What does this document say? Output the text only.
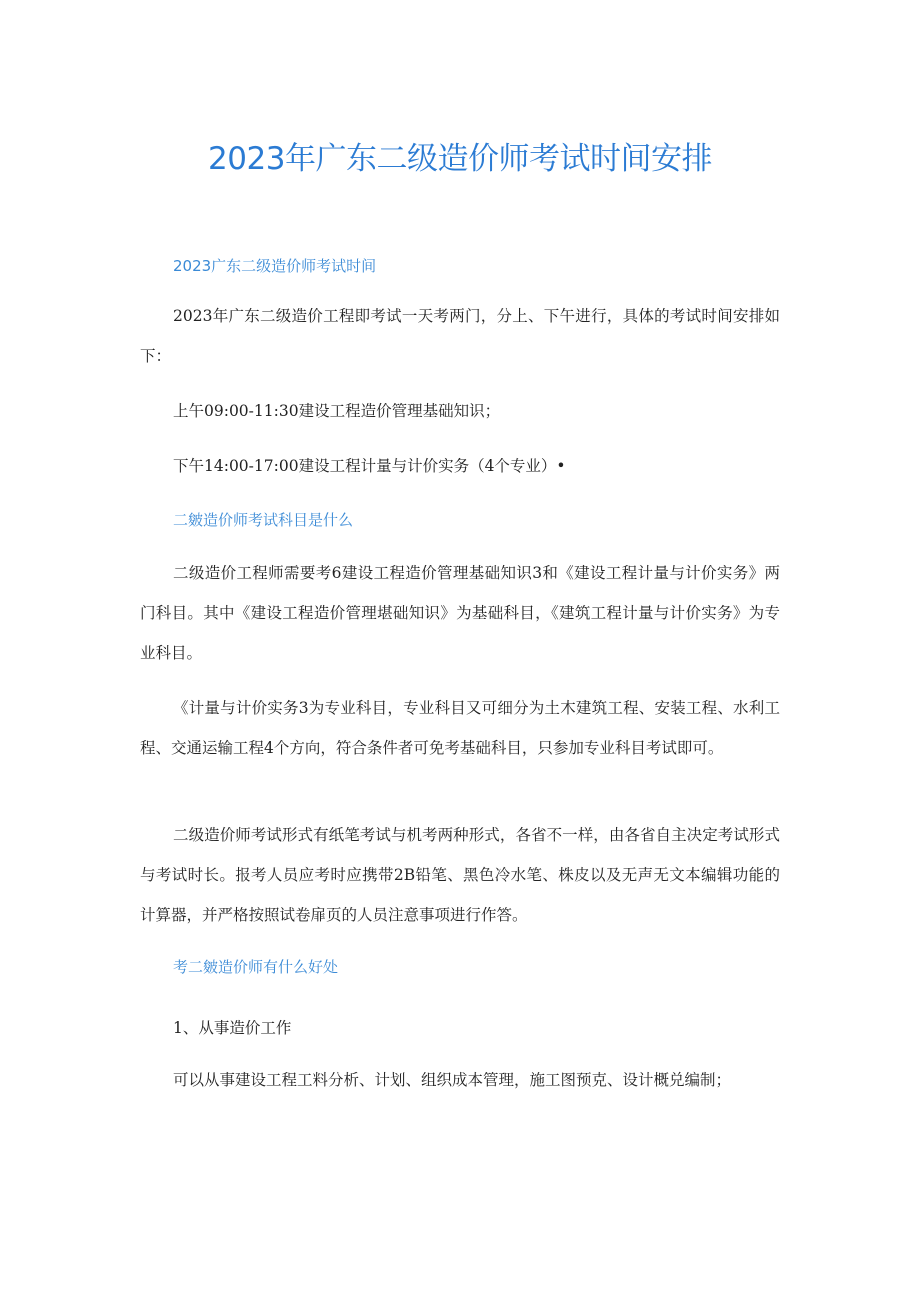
2023年广东二级造价师考试时间安排
2023广东二级造价师考试时间

2023年广东二级造价工程即考试一天考两门，分上、下午进行，具体的考试时间安排如下：

上午09:00-11:30建设工程造价管理基础知识；
下午14:00-17:00建设工程计量与计价实务（4个专业）•
二皴造价师考试科目是什么

二级造价工程师需要考6建设工程造价管理基础知识3和《建设工程计量与计价实务》两门科目。其中《建设工程造价管理堪础知识》为基础科目，《建筑工程计量与计价实务》为专业科目。

《计量与计价实务3为专业科目，专业科目又可细分为土木建筑工程、安装工程、水利工程、交通运输工程4个方向，符合条件者可免考基础科目，只参加专业科目考试即可。

二级造价师考试形式有纸笔考试与机考两种形式，各省不一样，由各省自主决定考试形式与考试时长。报考人员应考时应携带2B铅笔、黑色冷水笔、株皮以及无声无文本编辑功能的计算器，并严格按照试卷扉页的人员注意事项进行作答。

考二皴造价师有什么好处
1、从事造价工作
可以从事建设工程工料分析、计划、组织成本管理，施工图预克、设计概兑编制；
